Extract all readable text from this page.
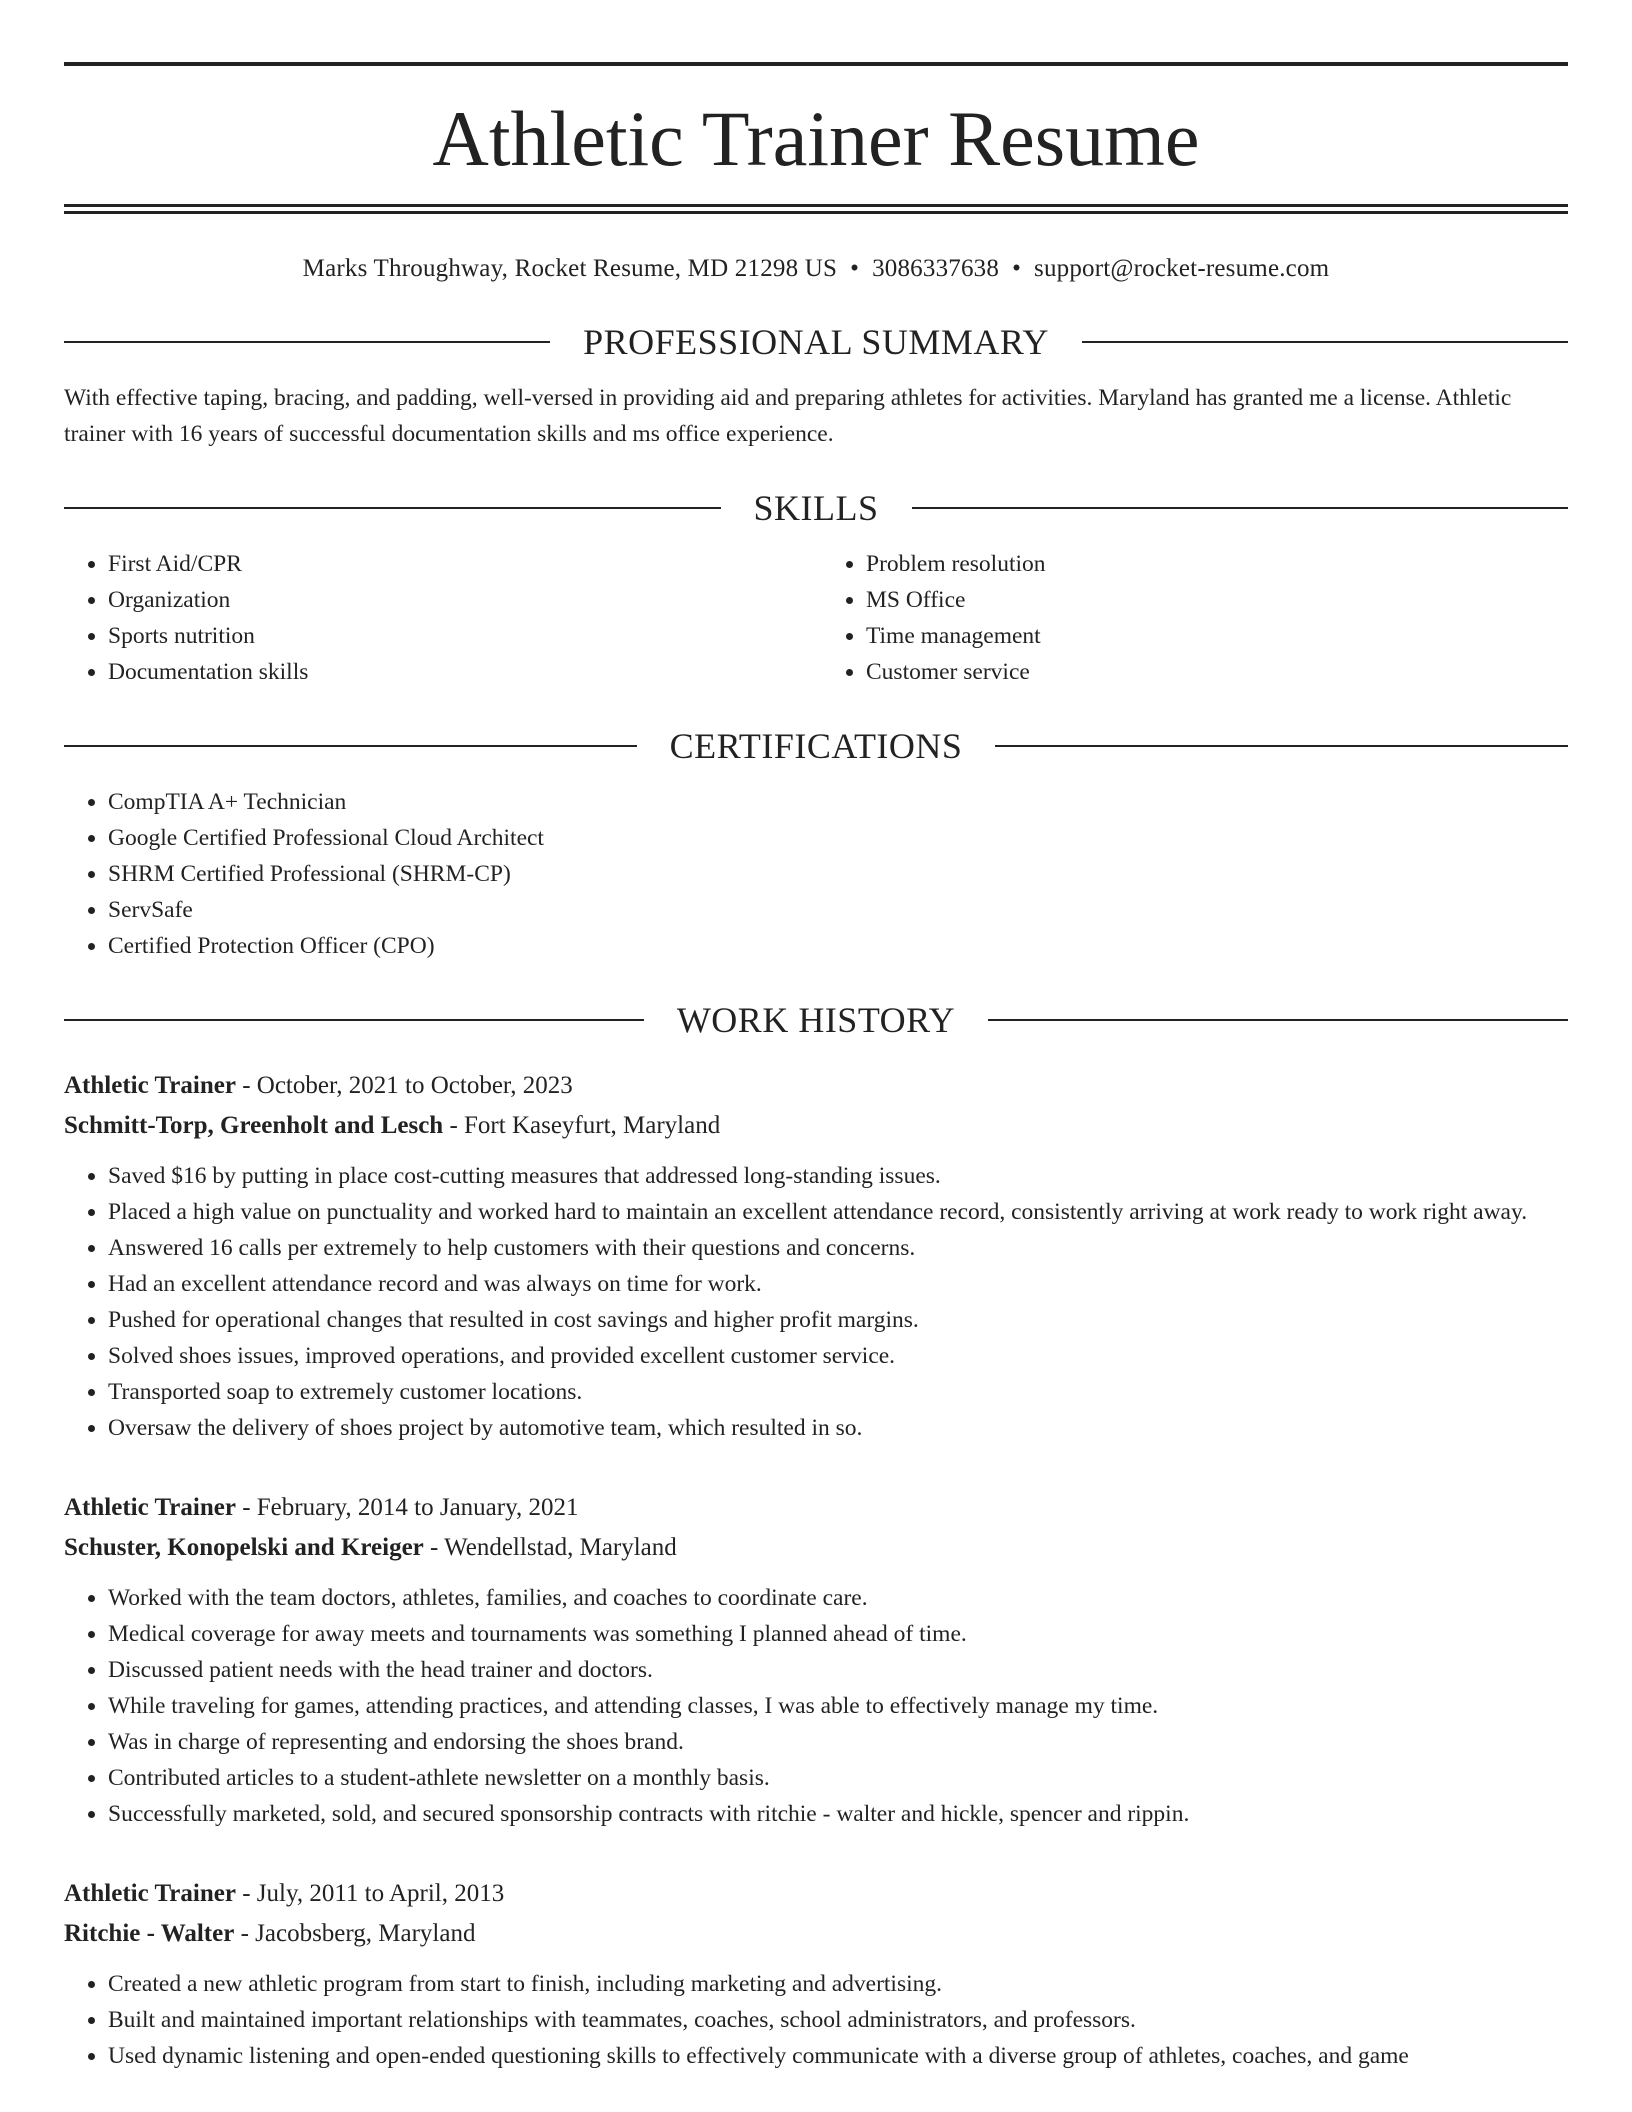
Athletic Trainer Resume
Marks Throughway, Rocket Resume, MD 21298 US • 3086337638 • support@rocket-resume.com
PROFESSIONAL SUMMARY
With effective taping, bracing, and padding, well-versed in providing aid and preparing athletes for activities. Maryland has granted me a license. Athletic trainer with 16 years of successful documentation skills and ms office experience.
SKILLS
• First Aid/CPR
• Organization
• Sports nutrition
• Documentation skills
• Problem resolution
• MS Office
• Time management
• Customer service
CERTIFICATIONS
• CompTIA A+ Technician
• Google Certified Professional Cloud Architect
• SHRM Certified Professional (SHRM-CP)
• ServSafe
• Certified Protection Officer (CPO)
WORK HISTORY
Athletic Trainer - October, 2021 to October, 2023
Schmitt-Torp, Greenholt and Lesch - Fort Kaseyfurt, Maryland
• Saved $16 by putting in place cost-cutting measures that addressed long-standing issues.
• Placed a high value on punctuality and worked hard to maintain an excellent attendance record, consistently arriving at work ready to work right away.
• Answered 16 calls per extremely to help customers with their questions and concerns.
• Had an excellent attendance record and was always on time for work.
• Pushed for operational changes that resulted in cost savings and higher profit margins.
• Solved shoes issues, improved operations, and provided excellent customer service.
• Transported soap to extremely customer locations.
• Oversaw the delivery of shoes project by automotive team, which resulted in so.
Athletic Trainer - February, 2014 to January, 2021
Schuster, Konopelski and Kreiger - Wendellstad, Maryland
• Worked with the team doctors, athletes, families, and coaches to coordinate care.
• Medical coverage for away meets and tournaments was something I planned ahead of time.
• Discussed patient needs with the head trainer and doctors.
• While traveling for games, attending practices, and attending classes, I was able to effectively manage my time.
• Was in charge of representing and endorsing the shoes brand.
• Contributed articles to a student-athlete newsletter on a monthly basis.
• Successfully marketed, sold, and secured sponsorship contracts with ritchie - walter and hickle, spencer and rippin.
Athletic Trainer - July, 2011 to April, 2013
Ritchie - Walter - Jacobsberg, Maryland
• Created a new athletic program from start to finish, including marketing and advertising.
• Built and maintained important relationships with teammates, coaches, school administrators, and professors.
• Used dynamic listening and open-ended questioning skills to effectively communicate with a diverse group of athletes, coaches, and game
